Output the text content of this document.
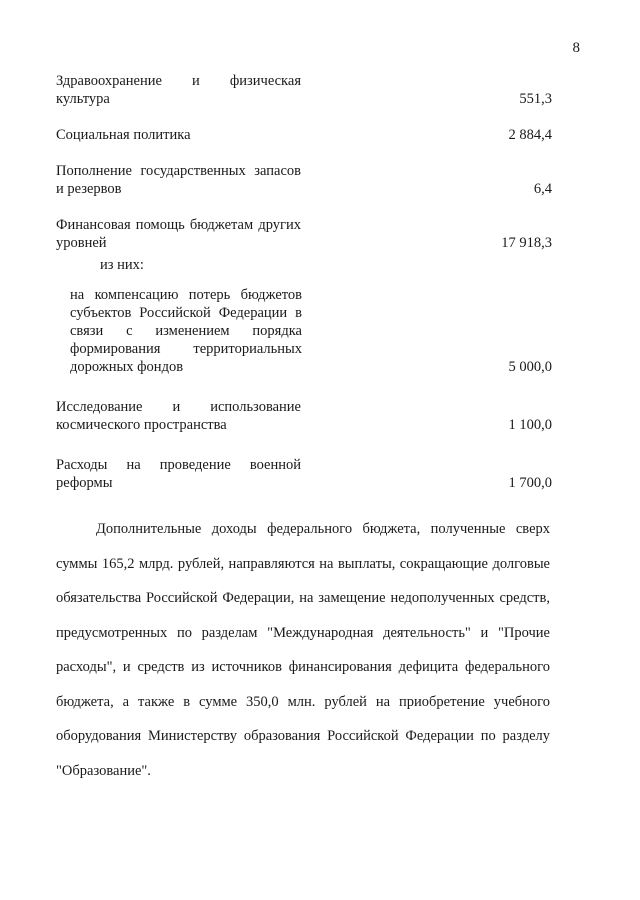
8
Здравоохранение и физическая культура	551,3
Социальная политика	2 884,4
Пополнение государственных запасов и резервов	6,4
Финансовая помощь бюджетам других уровней	17 918,3
из них:
на компенсацию потерь бюджетов субъектов Российской Федерации в связи с изменением порядка формирования территориальных дорожных фондов	5 000,0
Исследование и использование космического пространства	1 100,0
Расходы на проведение военной реформы	1 700,0
Дополнительные доходы федерального бюджета, полученные сверх суммы 165,2 млрд. рублей, направляются на выплаты, сокращающие долговые обязательства Российской Федерации, на замещение недополученных средств, предусмотренных по разделам "Международная деятельность" и "Прочие расходы", и средств из источников финансирования дефицита федерального бюджета, а также в сумме 350,0 млн. рублей на приобретение учебного оборудования Министерству образования Российской Федерации по разделу "Образование".
